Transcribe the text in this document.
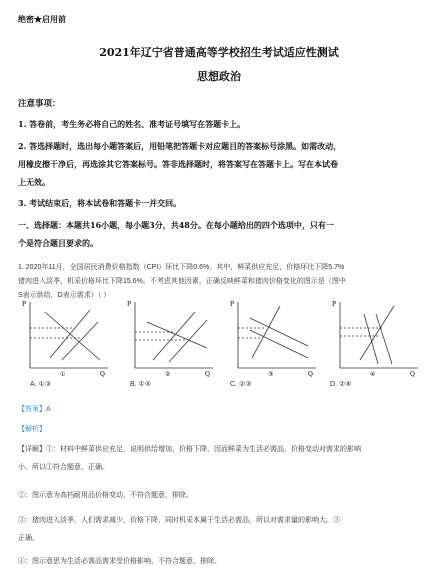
绝密★启用前
2021年辽宁省普通高等学校招生考试适应性测试
思想政治
注意事项：
1. 答卷前，考生务必将自己的姓名、准考证号填写在答题卡上。
2. 答选择题时，选出每小题答案后，用铅笔把答题卡对应题目的答案标号涂黑。如需改动，
用橡皮擦干净后，再选涂其它答案标号。答非选择题时，将答案写在答题卡上。写在本试卷
上无效。
3. 考试结束后，将本试卷和答题卡一并交回。
一、选择题：本题共16小题，每小题3分，共48分。在每小题给出的四个选项中，只有一
个是符合题目要求的。
1. 2020年11月，全国居民消费价格指数（CPI）环比下降0.6%。其中，鲜菜供应充足，价格环比下降5.7%
猪肉进入淡季，机采价格环比下降15.6%。不考虑其他因素，正确反映鲜菜和猪肉价格变化的图示是（图中
S表示供给，D表示需求）（ ）
P
Q
①
P
Q
②
P
Q
③
P
Q
④
A. ①③	B. ①④	C. ②③	D. ②④
【答案】A
【解析】
【详解】①：材料中鲜菜供应充足，说明供给增加，价格下降，因而鲜菜为生活必需品，价格变动对需求的影响
小。所以①符合题意，正确。
②：图示意为高档耐用品价格变动，不符合题意，排除。
③：猪肉进入淡季，人们需求减少，价格下降，同时机采本属于生活必需品，所以对需求量的影响大。③
正确。
④：图示意思为生活必需品需求受价格影响，不符合题意，排除。
